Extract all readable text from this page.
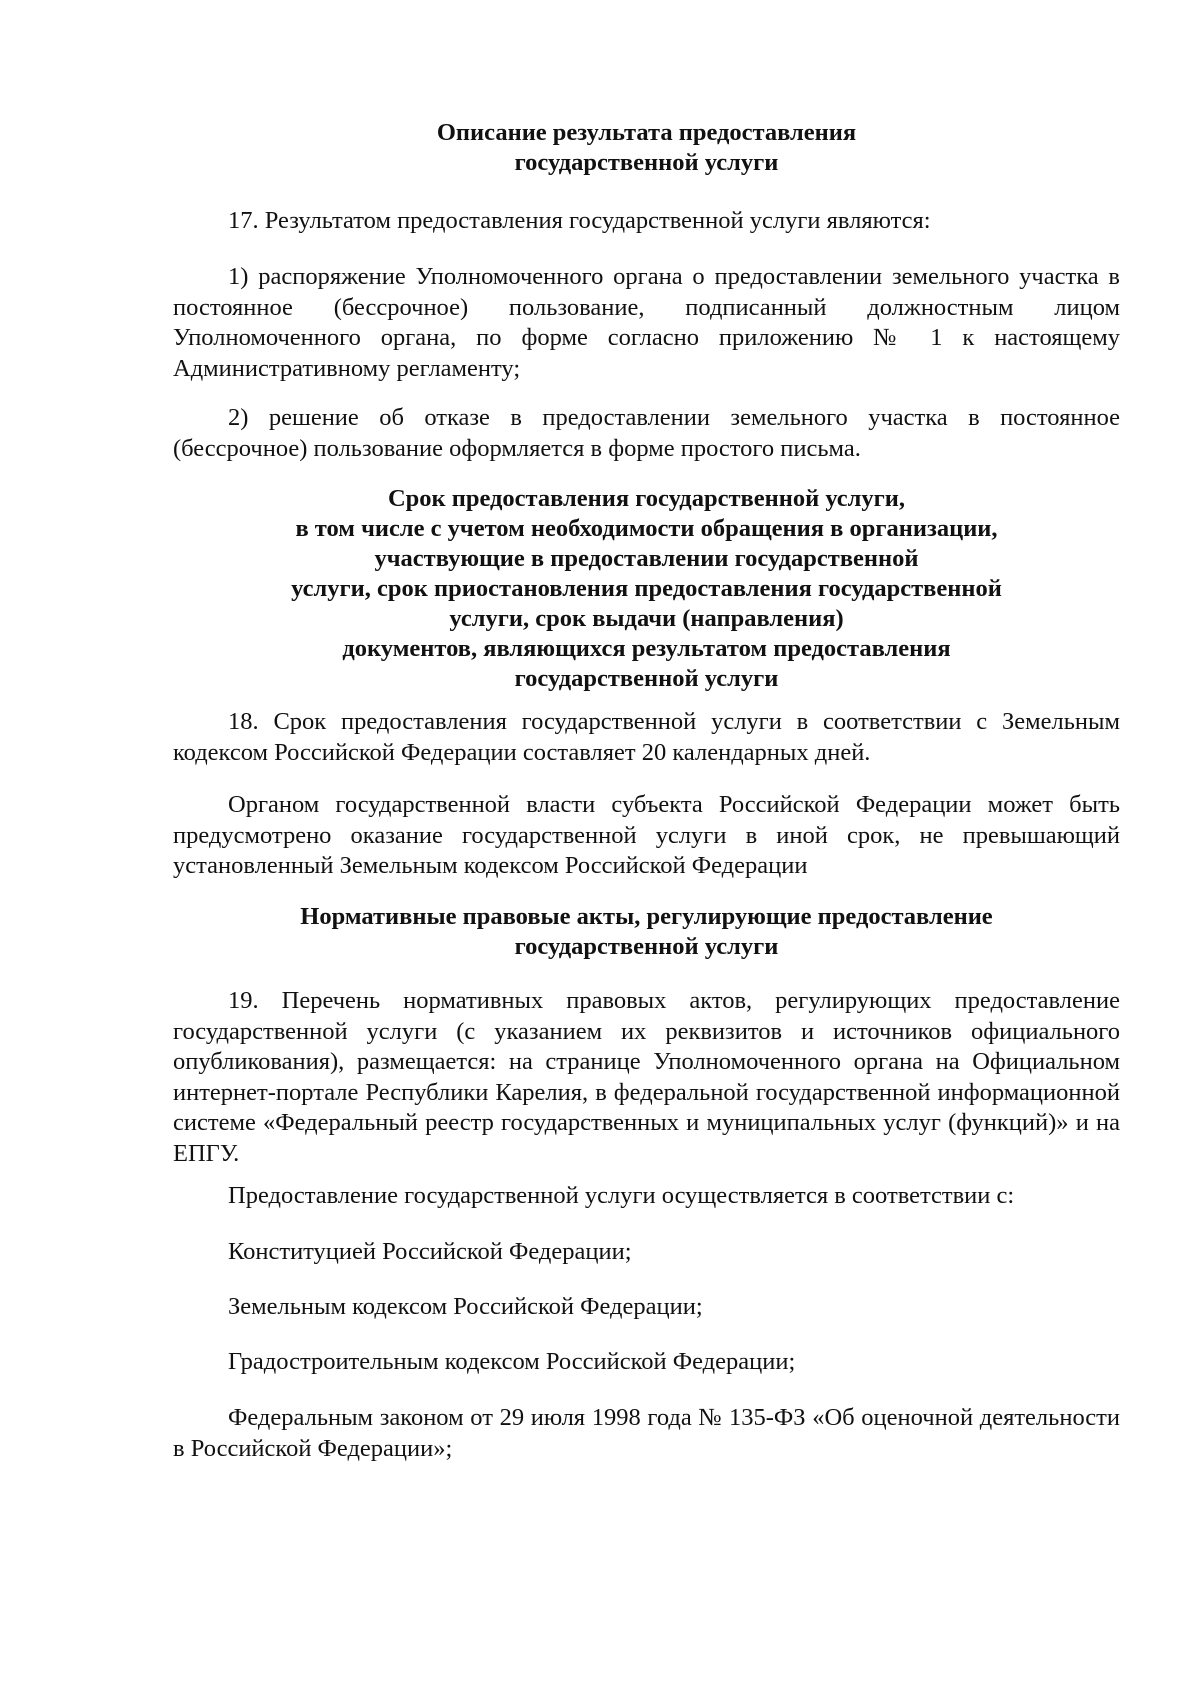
Описание результата предоставления
государственной услуги

17. Результатом предоставления государственной услуги являются:

1) распоряжение Уполномоченного органа о предоставлении земельного участка в постоянное (бессрочное) пользование, подписанный должностным лицом Уполномоченного органа, по форме согласно приложению № 1 к настоящему Административному регламенту;

2) решение об отказе в предоставлении земельного участка в постоянное (бессрочное) пользование оформляется в форме простого письма.

Срок предоставления государственной услуги,
в том числе с учетом необходимости обращения в организации,
участвующие в предоставлении государственной
услуги, срок приостановления предоставления государственной
услуги, срок выдачи (направления)
документов, являющихся результатом предоставления
государственной услуги

18. Срок предоставления государственной услуги в соответствии с Земельным кодексом Российской Федерации составляет 20 календарных дней.

Органом государственной власти субъекта Российской Федерации может быть предусмотрено оказание государственной услуги в иной срок, не превышающий установленный Земельным кодексом Российской Федерации

Нормативные правовые акты, регулирующие предоставление
государственной услуги

19. Перечень нормативных правовых актов, регулирующих предоставление государственной услуги (с указанием их реквизитов и источников официального опубликования), размещается: на странице Уполномоченного органа на Официальном интернет-портале Республики Карелия, в федеральной государственной информационной системе «Федеральный реестр государственных и муниципальных услуг (функций)» и на ЕПГУ.

Предоставление государственной услуги осуществляется в соответствии с:

Конституцией Российской Федерации;

Земельным кодексом Российской Федерации;

Градостроительным кодексом Российской Федерации;

Федеральным законом от 29 июля 1998 года № 135-ФЗ «Об оценочной деятельности в Российской Федерации»;
